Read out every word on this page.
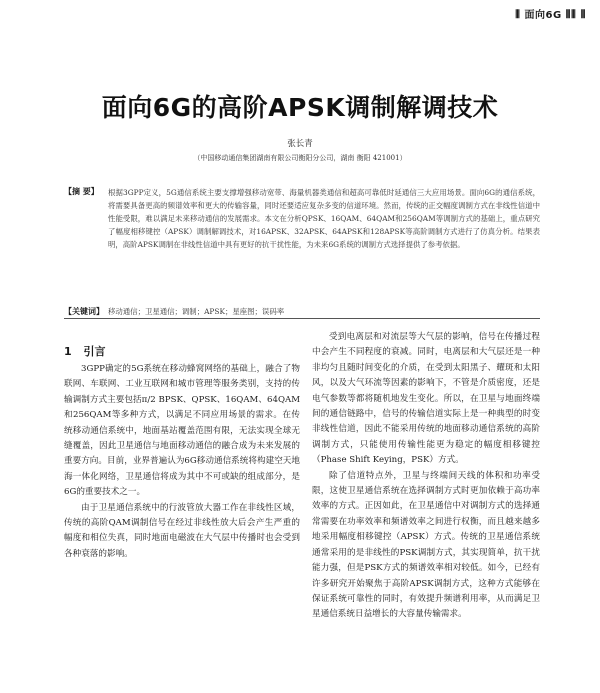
⦀ 面向6G ⦀⦀ ⦀
面向6G的高阶APSK调制解调技术
张长青
（中国移动通信集团湖南有限公司衡阳分公司，湖南 衡阳 421001）
【摘 要】 根据3GPP定义，5G通信系统主要支撑增强移动宽带、海量机器类通信和超高可靠低时延通信三大应用场景。面向6G的通信系统，将需要具备更高的频谱效率和更大的传输容量，同时还要适应复杂多变的信道环境。然而，传统的正交幅度调制方式在非线性信道中性能受限，难以满足未来移动通信的发展需求。本文在分析QPSK、16QAM、64QAM和256QAM等调制方式的基础上，重点研究了幅度相移键控（APSK）调制解调技术，对16APSK、32APSK、64APSK和128APSK等高阶调制方式进行了仿真分析。结果表明，高阶APSK调制在非线性信道中具有更好的抗干扰性能，为未来6G系统的调制方式选择提供了参考依据。
【关键词】 移动通信；卫星通信；调制；APSK；星座图；误码率
1 引言

3GPP确定的5G系统在移动蜂窝网络的基础上，融合了物联网、车联网、工业互联网和城市管理等服务类别，支持的传输调制方式主要包括π/2 BPSK、QPSK、16QAM、64QAM和256QAM等多种方式，以满足不同应用场景的需求。在传统移动通信系统中，地面基站覆盖范围有限，无法实现全球无缝覆盖，因此卫星通信与地面移动通信的融合成为未来发展的重要方向。目前，业界普遍认为6G移动通信系统将构建空天地海一体化网络，卫星通信将成为其中不可或缺的组成部分，是6G的重要技术之一。

由于卫星通信系统中的行波管放大器工作在非线性区域，传统的高阶QAM调制信号在经过非线性放大后会产生严重的幅度和相位失真，同时地面电磁波在大气层中传播时也会受到各种衰落的影响。

受到电离层和对流层等大气层的影响，信号在传播过程中会产生不同程度的衰减。同时，电离层和大气层还是一种非均匀且随时间变化的介质，在受到太阳黑子、耀斑和太阳风，以及大气环流等因素的影响下，不管是介质密度，还是电气参数等都将随机地发生变化。所以，在卫星与地面终端间的通信链路中，信号的传输信道实际上是一种典型的时变非线性信道，因此不能采用传统的地面移动通信系统的高阶调制方式，只能使用传输性能更为稳定的幅度相移键控（Phase Shift Keying，PSK）方式。

除了信道特点外，卫星与终端间天线的体积和功率受限，这使卫星通信系统在选择调制方式时更加依赖于高功率效率的方式。正因如此，在卫星通信中对调制方式的选择通常需要在功率效率和频谱效率之间进行权衡，而且越来越多地采用幅度相移键控（APSK）方式。传统的卫星通信系统通常采用的是非线性的PSK调制方式，其实现简单，抗干扰能力强，但是PSK方式的频谱效率相对较低。如今，已经有许多研究开始聚焦于高阶APSK调制方式，这种方式能够在保证系统可靠性的同时，有效提升频谱利用率，从而满足卫星通信系统日益增长的大容量传输需求。
